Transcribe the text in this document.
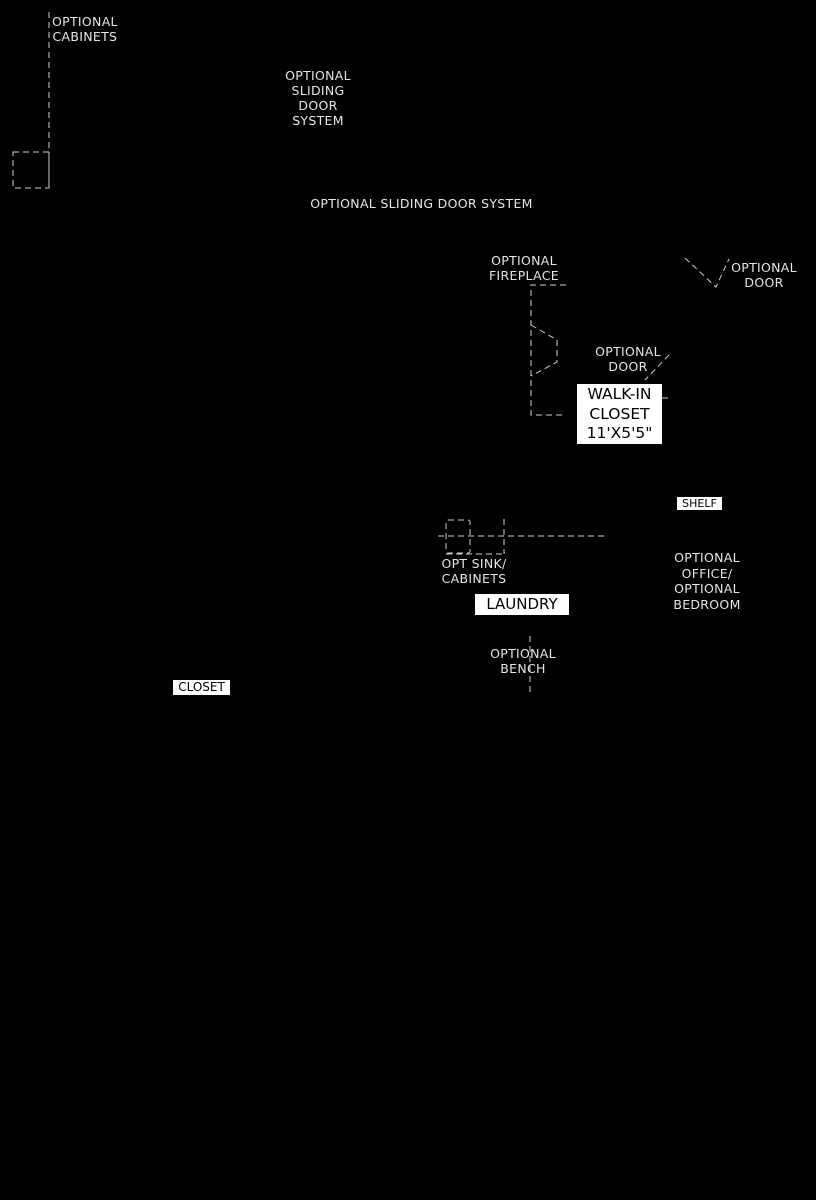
OPTIONAL
CABINETS
OPTIONAL
SLIDING
DOOR
SYSTEM
OPTIONAL SLIDING DOOR SYSTEM
OPTIONAL
FIREPLACE
OPTIONAL
DOOR
OPTIONAL
DOOR
OPT SINK/
CABINETS
OPTIONAL
OFFICE/
OPTIONAL
BEDROOM
OPTIONAL
BENCH
WALK-IN
CLOSET
11'X5'5"
SHELF
LAUNDRY
CLOSET
